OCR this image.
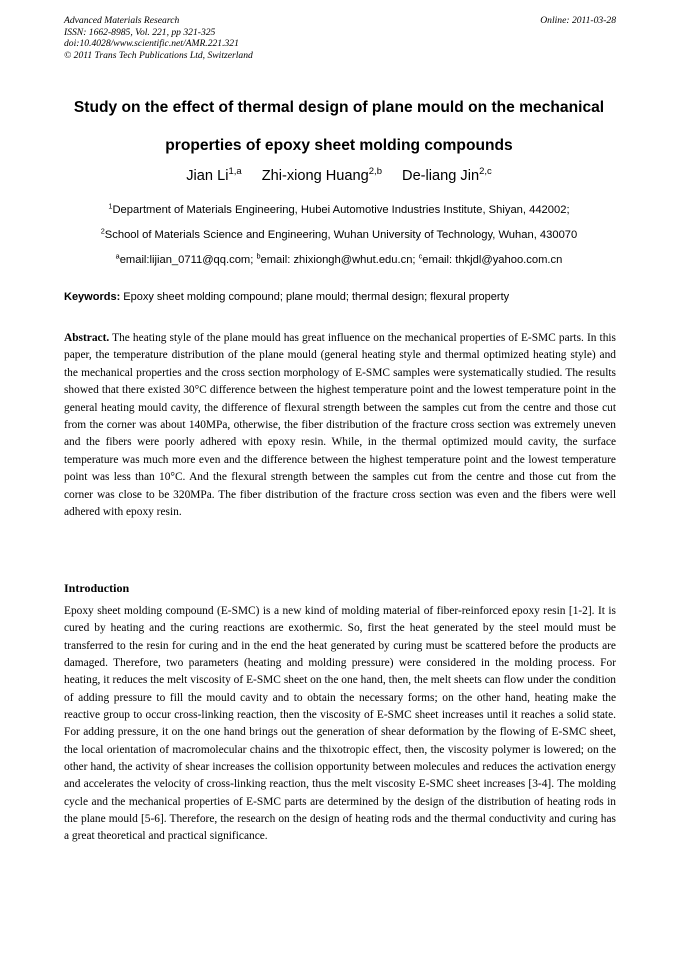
Advanced Materials Research
ISSN: 1662-8985, Vol. 221, pp 321-325
doi:10.4028/www.scientific.net/AMR.221.321
© 2011 Trans Tech Publications Ltd, Switzerland
Online: 2011-03-28
Study on the effect of thermal design of plane mould on the mechanical
properties of epoxy sheet molding compounds
Jian Li$^{1,a}$ Zhi-xiong Huang$^{2,b}$ De-liang Jin$^{2,c}$
$^1$Department of Materials Engineering, Hubei Automotive Industries Institute, Shiyan, 442002;
$^2$School of Materials Science and Engineering, Wuhan University of Technology, Wuhan, 430070
$^a$email:lijian_0711@qq.com; $^b$email: zhixiongh@whut.edu.cn; $^c$email: thkjdl@yahoo.com.cn
Keywords: Epoxy sheet molding compound; plane mould; thermal design; flexural property

Abstract. The heating style of the plane mould has great influence on the mechanical properties of E-SMC parts. In this paper, the temperature distribution of the plane mould (general heating style and thermal optimized heating style) and the mechanical properties and the cross section morphology of E-SMC samples were systematically studied. The results showed that there existed 30°C difference between the highest temperature point and the lowest temperature point in the general heating mould cavity, the difference of flexural strength between the samples cut from the centre and those cut from the corner was about 140MPa, otherwise, the fiber distribution of the fracture cross section was extremely uneven and the fibers were poorly adhered with epoxy resin. While, in the thermal optimized mould cavity, the surface temperature was much more even and the difference between the highest temperature point and the lowest temperature point was less than 10°C. And the flexural strength between the samples cut from the centre and those cut from the corner was close to be 320MPa. The fiber distribution of the fracture cross section was even and the fibers were well adhered with epoxy resin.

Introduction

Epoxy sheet molding compound (E-SMC) is a new kind of molding material of fiber-reinforced epoxy resin [1-2]. It is cured by heating and the curing reactions are exothermic. So, first the heat generated by the steel mould must be transferred to the resin for curing and in the end the heat generated by curing must be scattered before the products are damaged. Therefore, two parameters (heating and molding pressure) were considered in the molding process. For heating, it reduces the melt viscosity of E-SMC sheet on the one hand, then, the melt sheets can flow under the condition of adding pressure to fill the mould cavity and to obtain the necessary forms; on the other hand, heating make the reactive group to occur cross-linking reaction, then the viscosity of E-SMC sheet increases until it reaches a solid state. For adding pressure, it on the one hand brings out the generation of shear deformation by the flowing of E-SMC sheet, the local orientation of macromolecular chains and the thixotropic effect, then, the viscosity polymer is lowered; on the other hand, the activity of shear increases the collision opportunity between molecules and reduces the activation energy and accelerates the velocity of cross-linking reaction, thus the melt viscosity E-SMC sheet increases [3-4]. The molding cycle and the mechanical properties of E-SMC parts are determined by the design of the distribution of heating rods in the plane mould [5-6]. Therefore, the research on the design of heating rods and the thermal conductivity and curing has a great theoretical and practical significance.
